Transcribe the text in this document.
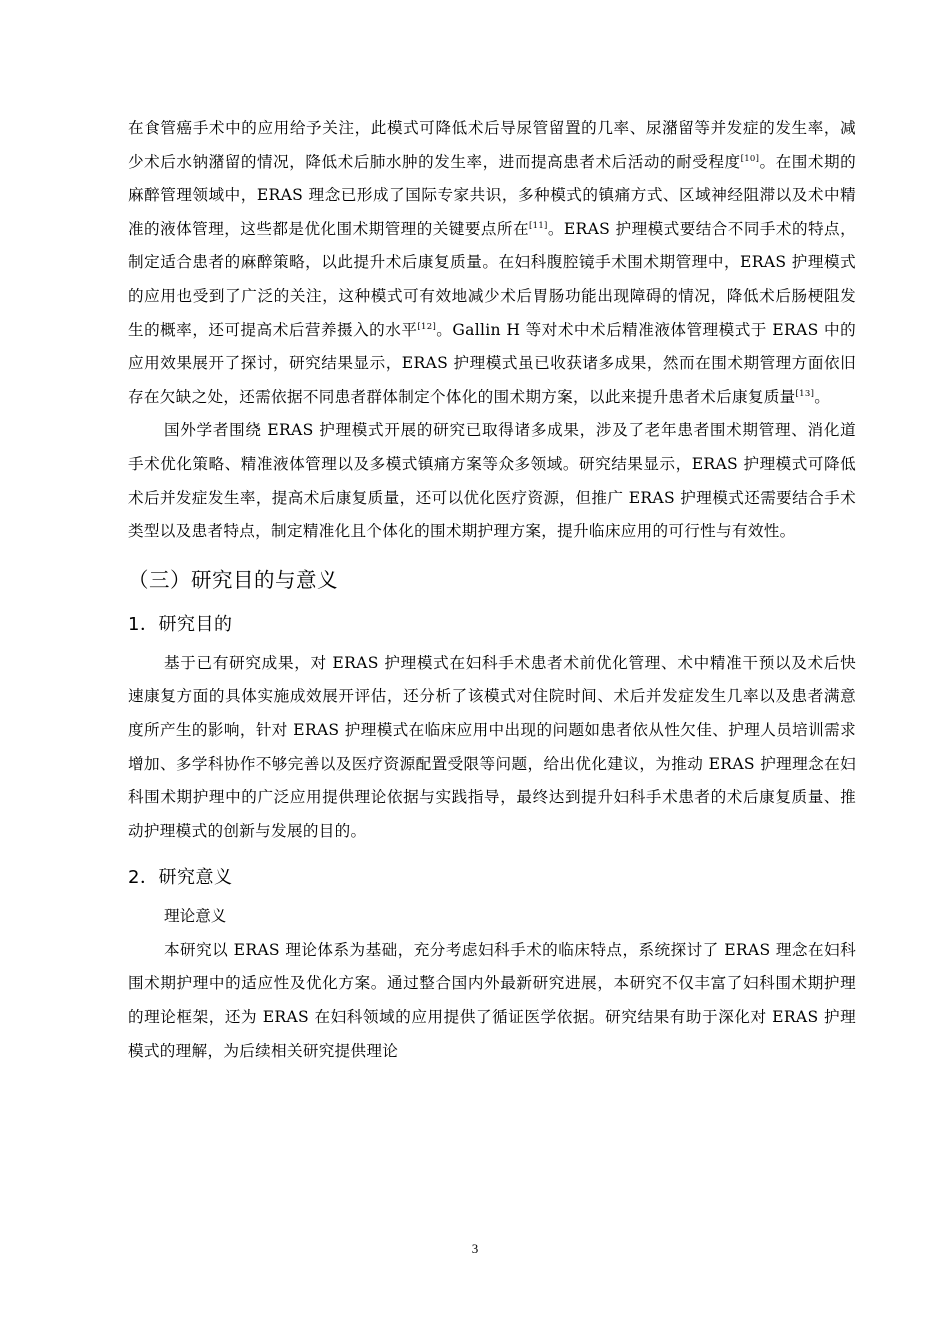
在食管癌手术中的应用给予关注，此模式可降低术后导尿管留置的几率、尿潴留等并发症的发生率，减少术后水钠潴留的情况，降低术后肺水肿的发生率，进而提高患者术后活动的耐受程度[10]。在围术期的麻醉管理领域中，ERAS 理念已形成了国际专家共识，多种模式的镇痛方式、区域神经阻滞以及术中精准的液体管理，这些都是优化围术期管理的关键要点所在[11]。ERAS 护理模式要结合不同手术的特点，制定适合患者的麻醉策略，以此提升术后康复质量。在妇科腹腔镜手术围术期管理中，ERAS 护理模式的应用也受到了广泛的关注，这种模式可有效地减少术后胃肠功能出现障碍的情况，降低术后肠梗阻发生的概率，还可提高术后营养摄入的水平[12]。Gallin H 等对术中术后精准液体管理模式于 ERAS 中的应用效果展开了探讨，研究结果显示，ERAS 护理模式虽已收获诸多成果，然而在围术期管理方面依旧存在欠缺之处，还需依据不同患者群体制定个体化的围术期方案，以此来提升患者术后康复质量[13]。

国外学者围绕 ERAS 护理模式开展的研究已取得诸多成果，涉及了老年患者围术期管理、消化道手术优化策略、精准液体管理以及多模式镇痛方案等众多领域。研究结果显示，ERAS 护理模式可降低术后并发症发生率，提高术后康复质量，还可以优化医疗资源，但推广 ERAS 护理模式还需要结合手术类型以及患者特点，制定精准化且个体化的围术期护理方案，提升临床应用的可行性与有效性。

（三）研究目的与意义
1．研究目的

基于已有研究成果，对 ERAS 护理模式在妇科手术患者术前优化管理、术中精准干预以及术后快速康复方面的具体实施成效展开评估，还分析了该模式对住院时间、术后并发症发生几率以及患者满意度所产生的影响，针对 ERAS 护理模式在临床应用中出现的问题如患者依从性欠佳、护理人员培训需求增加、多学科协作不够完善以及医疗资源配置受限等问题，给出优化建议，为推动 ERAS 护理理念在妇科围术期护理中的广泛应用提供理论依据与实践指导，最终达到提升妇科手术患者的术后康复质量、推动护理模式的创新与发展的目的。

2．研究意义

理论意义

本研究以 ERAS 理论体系为基础，充分考虑妇科手术的临床特点，系统探讨了 ERAS 理念在妇科围术期护理中的适应性及优化方案。通过整合国内外最新研究进展，本研究不仅丰富了妇科围术期护理的理论框架，还为 ERAS 在妇科领域的应用提供了循证医学依据。研究结果有助于深化对 ERAS 护理模式的理解，为后续相关研究提供理论

3
